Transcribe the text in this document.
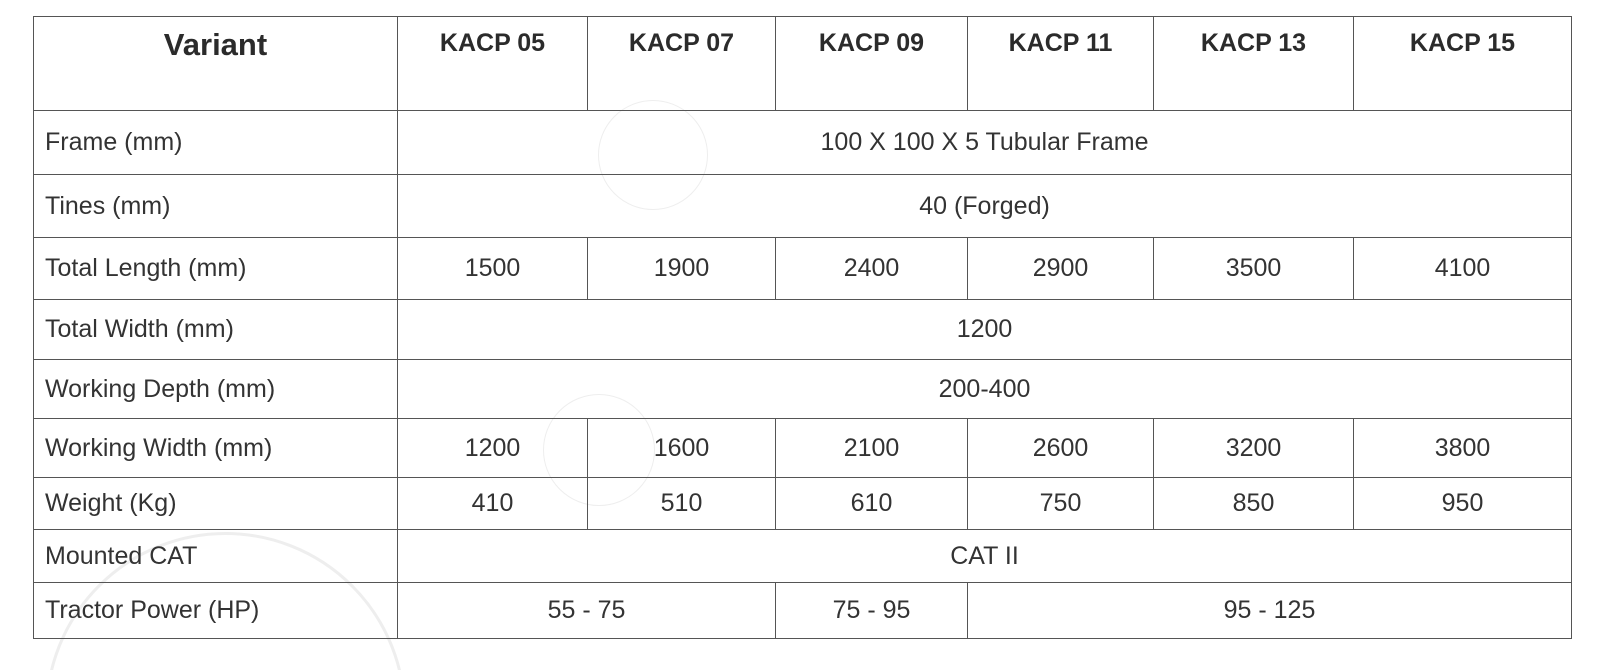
Variant	KACP 05	KACP 07	KACP 09	KACP 11	KACP 13	KACP 15
Frame (mm)	100 X 100 X 5 Tubular Frame					
Tines (mm)	40 (Forged)					
Total Length (mm)	1500	1900	2400	2900	3500	4100
Total Width (mm)	1200					
Working Depth (mm)	200-400					
Working Width (mm)	1200	1600	2100	2600	3200	3800
Weight (Kg)	410	510	610	750	850	950
Mounted CAT	CAT II					
Tractor Power (HP)	55 - 75		75 - 95	95 - 125		
